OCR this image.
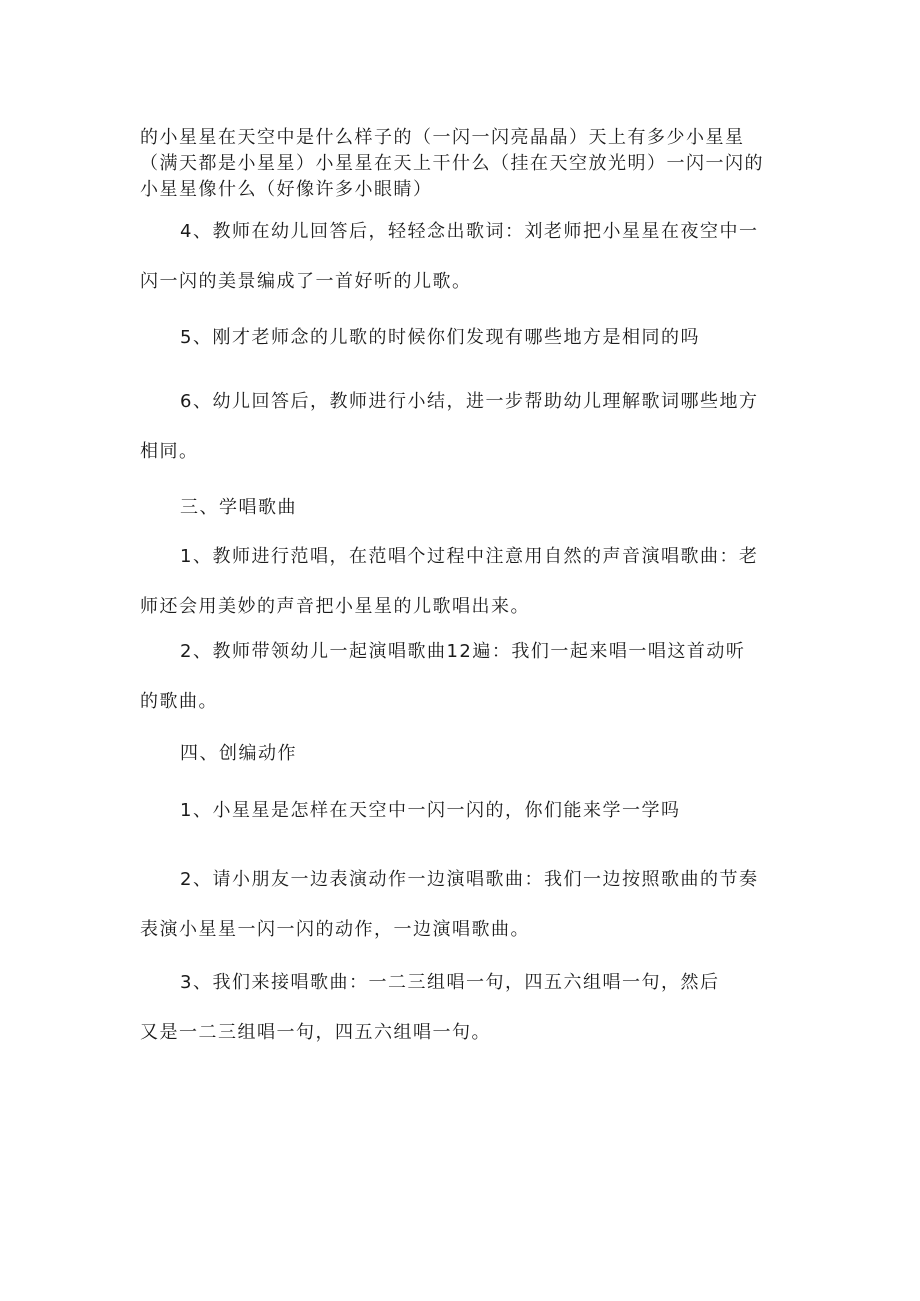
的小星星在天空中是什么样子的（一闪一闪亮晶晶）天上有多少小星星
（满天都是小星星）小星星在天上干什么（挂在天空放光明）一闪一闪的
小星星像什么（好像许多小眼睛）

4、教师在幼儿回答后，轻轻念出歌词：刘老师把小星星在夜空中一
闪一闪的美景编成了一首好听的儿歌。

5、刚才老师念的儿歌的时候你们发现有哪些地方是相同的吗

6、幼儿回答后，教师进行小结，进一步帮助幼儿理解歌词哪些地方
相同。

三、学唱歌曲

1、教师进行范唱，在范唱个过程中注意用自然的声音演唱歌曲：老
师还会用美妙的声音把小星星的儿歌唱出来。

2、教师带领幼儿一起演唱歌曲12遍：我们一起来唱一唱这首动听
的歌曲。

四、创编动作

1、小星星是怎样在天空中一闪一闪的，你们能来学一学吗

2、请小朋友一边表演动作一边演唱歌曲：我们一边按照歌曲的节奏
表演小星星一闪一闪的动作，一边演唱歌曲。

3、我们来接唱歌曲：一二三组唱一句，四五六组唱一句，然后
又是一二三组唱一句，四五六组唱一句。
